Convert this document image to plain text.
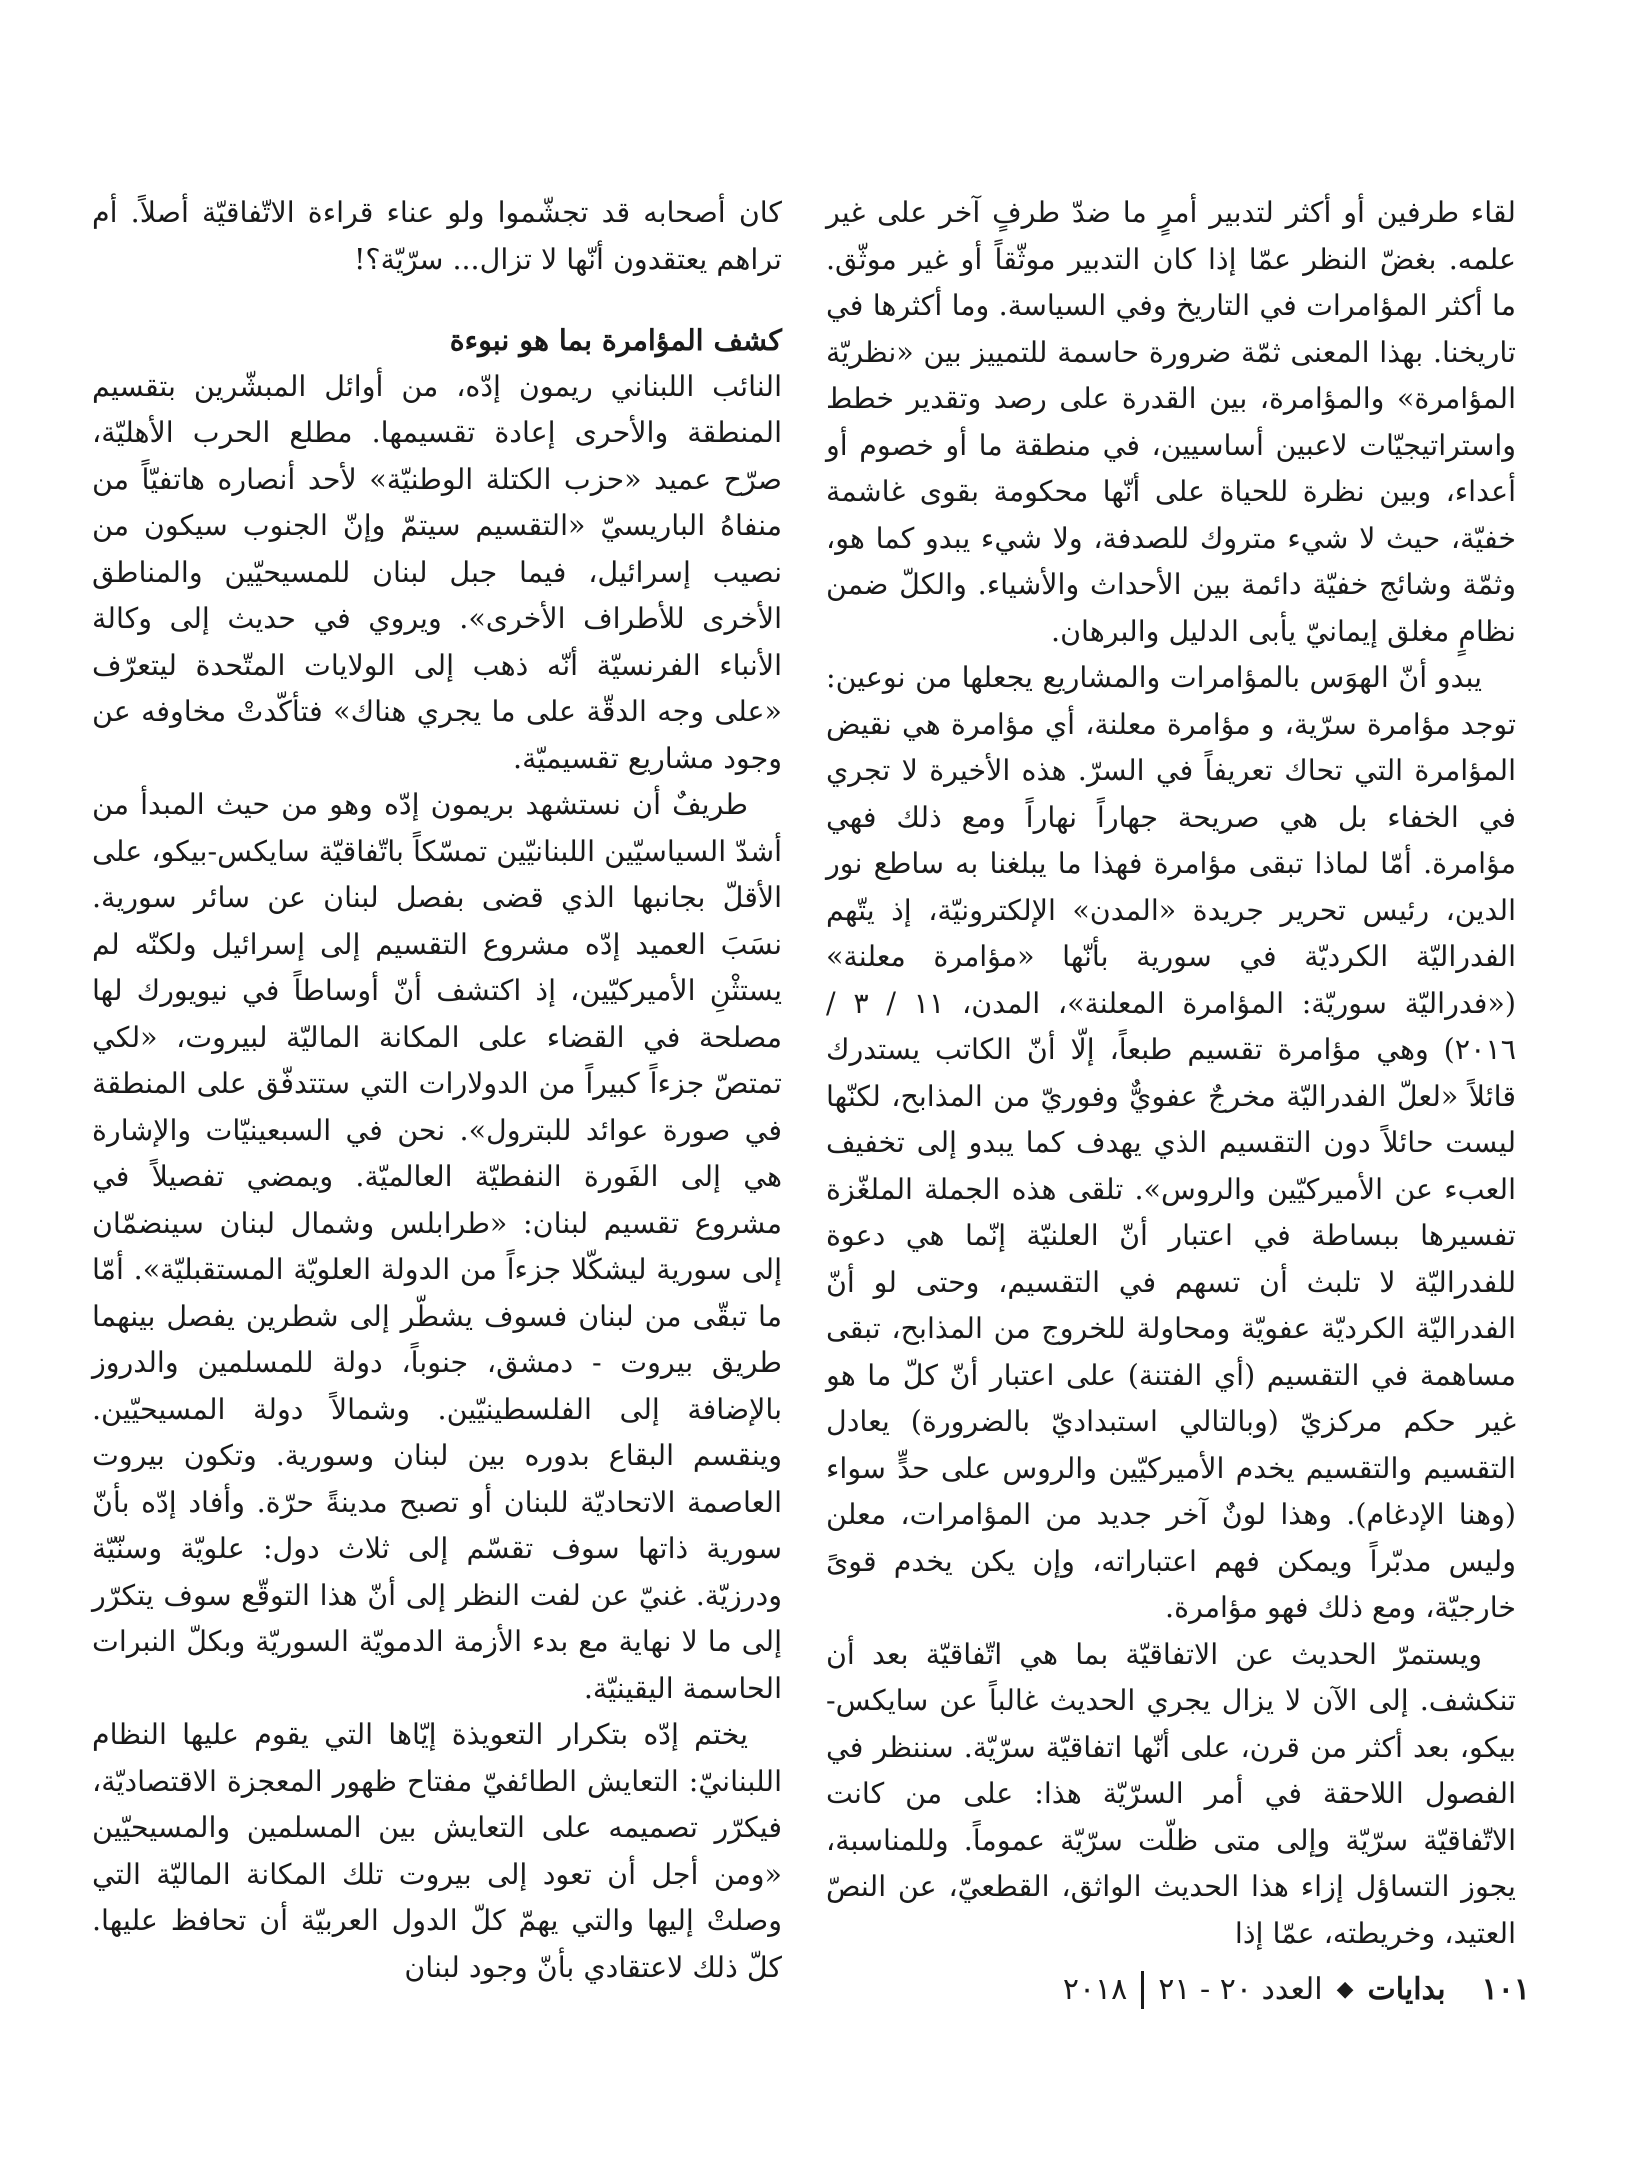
لقاء طرفين أو أكثر لتدبير أمرٍ ما ضدّ طرفٍ آخر على غير علمه. بغضّ النظر عمّا إذا كان التدبير موثّقاً أو غير موثّق. ما أكثر المؤامرات في التاريخ وفي السياسة. وما أكثرها في تاريخنا. بهذا المعنى ثمّة ضرورة حاسمة للتمييز بين «نظريّة المؤامرة» والمؤامرة، بين القدرة على رصد وتقدير خطط واستراتيجيّات لاعبين أساسيين، في منطقة ما أو خصوم أو أعداء، وبين نظرة للحياة على أنّها محكومة بقوى غاشمة خفيّة، حيث لا شيء متروك للصدفة، ولا شيء يبدو كما هو، وثمّة وشائج خفيّة دائمة بين الأحداث والأشياء. والكلّ ضمن نظامٍ مغلق إيمانيّ يأبى الدليل والبرهان.

يبدو أنّ الهوَس بالمؤامرات والمشاريع يجعلها من نوعين: توجد مؤامرة سرّية، و مؤامرة معلنة، أي مؤامرة هي نقيض المؤامرة التي تحاك تعريفاً في السرّ. هذه الأخيرة لا تجري في الخفاء بل هي صريحة جهاراً نهاراً ومع ذلك فهي مؤامرة. أمّا لماذا تبقى مؤامرة فهذا ما يبلغنا به ساطع نور الدين، رئيس تحرير جريدة «المدن» الإلكترونيّة، إذ يتّهم الفدراليّة الكرديّة في سورية بأنّها «مؤامرة معلنة» («فدراليّة سوريّة: المؤامرة المعلنة»، المدن، ١١ / ٣ / ٢٠١٦) وهي مؤامرة تقسيم طبعاً، إلّا أنّ الكاتب يستدرك قائلاً «لعلّ الفدراليّة مخرجٌ عفويٌّ وفوريّ من المذابح، لكنّها ليست حائلاً دون التقسيم الذي يهدف كما يبدو إلى تخفيف العبء عن الأميركيّين والروس». تلقى هذه الجملة الملغّزة تفسيرها ببساطة في اعتبار أنّ العلنيّة إنّما هي دعوة للفدراليّة لا تلبث أن تسهم في التقسيم، وحتى لو أنّ الفدراليّة الكرديّة عفويّة ومحاولة للخروج من المذابح، تبقى مساهمة في التقسيم (أي الفتنة) على اعتبار أنّ كلّ ما هو غير حكم مركزيّ (وبالتالي استبداديّ بالضرورة) يعادل التقسيم والتقسيم يخدم الأميركيّين والروس على حدٍّ سواء (وهنا الإدغام). وهذا لونٌ آخر جديد من المؤامرات، معلن وليس مدبّراً ويمكن فهم اعتباراته، وإن يكن يخدم قوىً خارجيّة، ومع ذلك فهو مؤامرة.

ويستمرّ الحديث عن الاتفاقيّة بما هي اتّفاقيّة بعد أن تنكشف. إلى الآن لا يزال يجري الحديث غالباً عن سايكس-بيكو، بعد أكثر من قرن، على أنّها اتفاقيّة سرّيّة. سننظر في الفصول اللاحقة في أمر السرّيّة هذا: على من كانت الاتّفاقيّة سرّيّة وإلى متى ظلّت سرّيّة عموماً. وللمناسبة، يجوز التساؤل إزاء هذا الحديث الواثق، القطعيّ، عن النصّ العتيد، وخريطته، عمّا إذا

كان أصحابه قد تجشّموا ولو عناء قراءة الاتّفاقيّة أصلاً. أم تراهم يعتقدون أنّها لا تزال... سرّيّة؟!

كشف المؤامرة بما هو نبوءة

النائب اللبناني ريمون إدّه، من أوائل المبشّرين بتقسيم المنطقة والأحرى إعادة تقسيمها. مطلع الحرب الأهليّة، صرّح عميد «حزب الكتلة الوطنيّة» لأحد أنصاره هاتفيّاً من منفاهُ الباريسيّ «التقسيم سيتمّ وإنّ الجنوب سيكون من نصيب إسرائيل، فيما جبل لبنان للمسيحيّين والمناطق الأخرى للأطراف الأخرى». ويروي في حديث إلى وكالة الأنباء الفرنسيّة أنّه ذهب إلى الولايات المتّحدة ليتعرّف «على وجه الدقّة على ما يجري هناك» فتأكّدتْ مخاوفه عن وجود مشاريع تقسيميّة.

طريفٌ أن نستشهد بريمون إدّه وهو من حيث المبدأ من أشدّ السياسيّين اللبنانيّين تمسّكاً باتّفاقيّة سايكس-بيكو، على الأقلّ بجانبها الذي قضى بفصل لبنان عن سائر سورية. نسَبَ العميد إدّه مشروع التقسيم إلى إسرائيل ولكنّه لم يستثْنِ الأميركيّين، إذ اكتشف أنّ أوساطاً في نيويورك لها مصلحة في القضاء على المكانة الماليّة لبيروت، «لكي تمتصّ جزءاً كبيراً من الدولارات التي ستتدفّق على المنطقة في صورة عوائد للبترول». نحن في السبعينيّات والإشارة هي إلى الفَورة النفطيّة العالميّة. ويمضي تفصيلاً في مشروع تقسيم لبنان: «طرابلس وشمال لبنان سينضمّان إلى سورية ليشكّلا جزءاً من الدولة العلويّة المستقبليّة». أمّا ما تبقّى من لبنان فسوف يشطّر إلى شطرين يفصل بينهما طريق بيروت - دمشق، جنوباً، دولة للمسلمين والدروز بالإضافة إلى الفلسطينيّين. وشمالاً دولة المسيحيّين. وينقسم البقاع بدوره بين لبنان وسورية. وتكون بيروت العاصمة الاتحاديّة للبنان أو تصبح مدينةً حرّة. وأفاد إدّه بأنّ سورية ذاتها سوف تقسّم إلى ثلاث دول: علويّة وسنّيّة ودرزيّة. غنيّ عن لفت النظر إلى أنّ هذا التوقّع سوف يتكرّر إلى ما لا نهاية مع بدء الأزمة الدمويّة السوريّة وبكلّ النبرات الحاسمة اليقينيّة.

يختم إدّه بتكرار التعويذة إيّاها التي يقوم عليها النظام اللبنانيّ: التعايش الطائفيّ مفتاح ظهور المعجزة الاقتصاديّة، فيكرّر تصميمه على التعايش بين المسلمين والمسيحيّين «ومن أجل أن تعود إلى بيروت تلك المكانة الماليّة التي وصلتْ إليها والتي يهمّ كلّ الدول العربيّة أن تحافظ عليها. كلّ ذلك لاعتقادي بأنّ وجود لبنان

١٠١
بدايات
◆
العدد ٢٠ - ٢١
٢٠١٨
